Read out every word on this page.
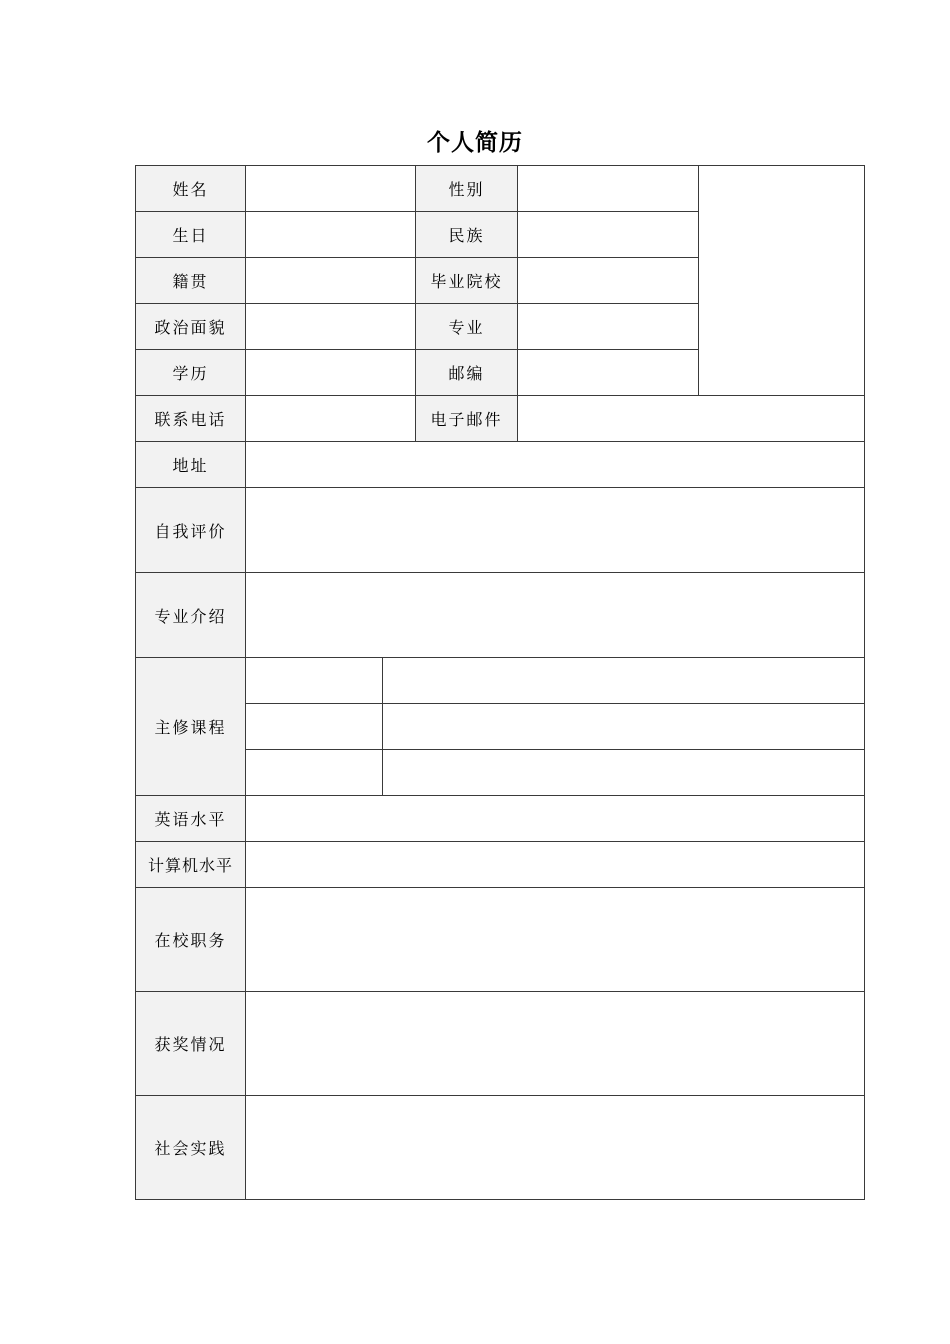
个人简历
姓名			性别		
生日			民族		
籍贯			毕业院校		
政治面貌			专业		
学历			邮编		
联系电话			电子邮件		
地址					
自我评价					
专业介绍					
主修课程					

英语水平					
计算机水平					
在校职务					
获奖情况					
社会实践					
